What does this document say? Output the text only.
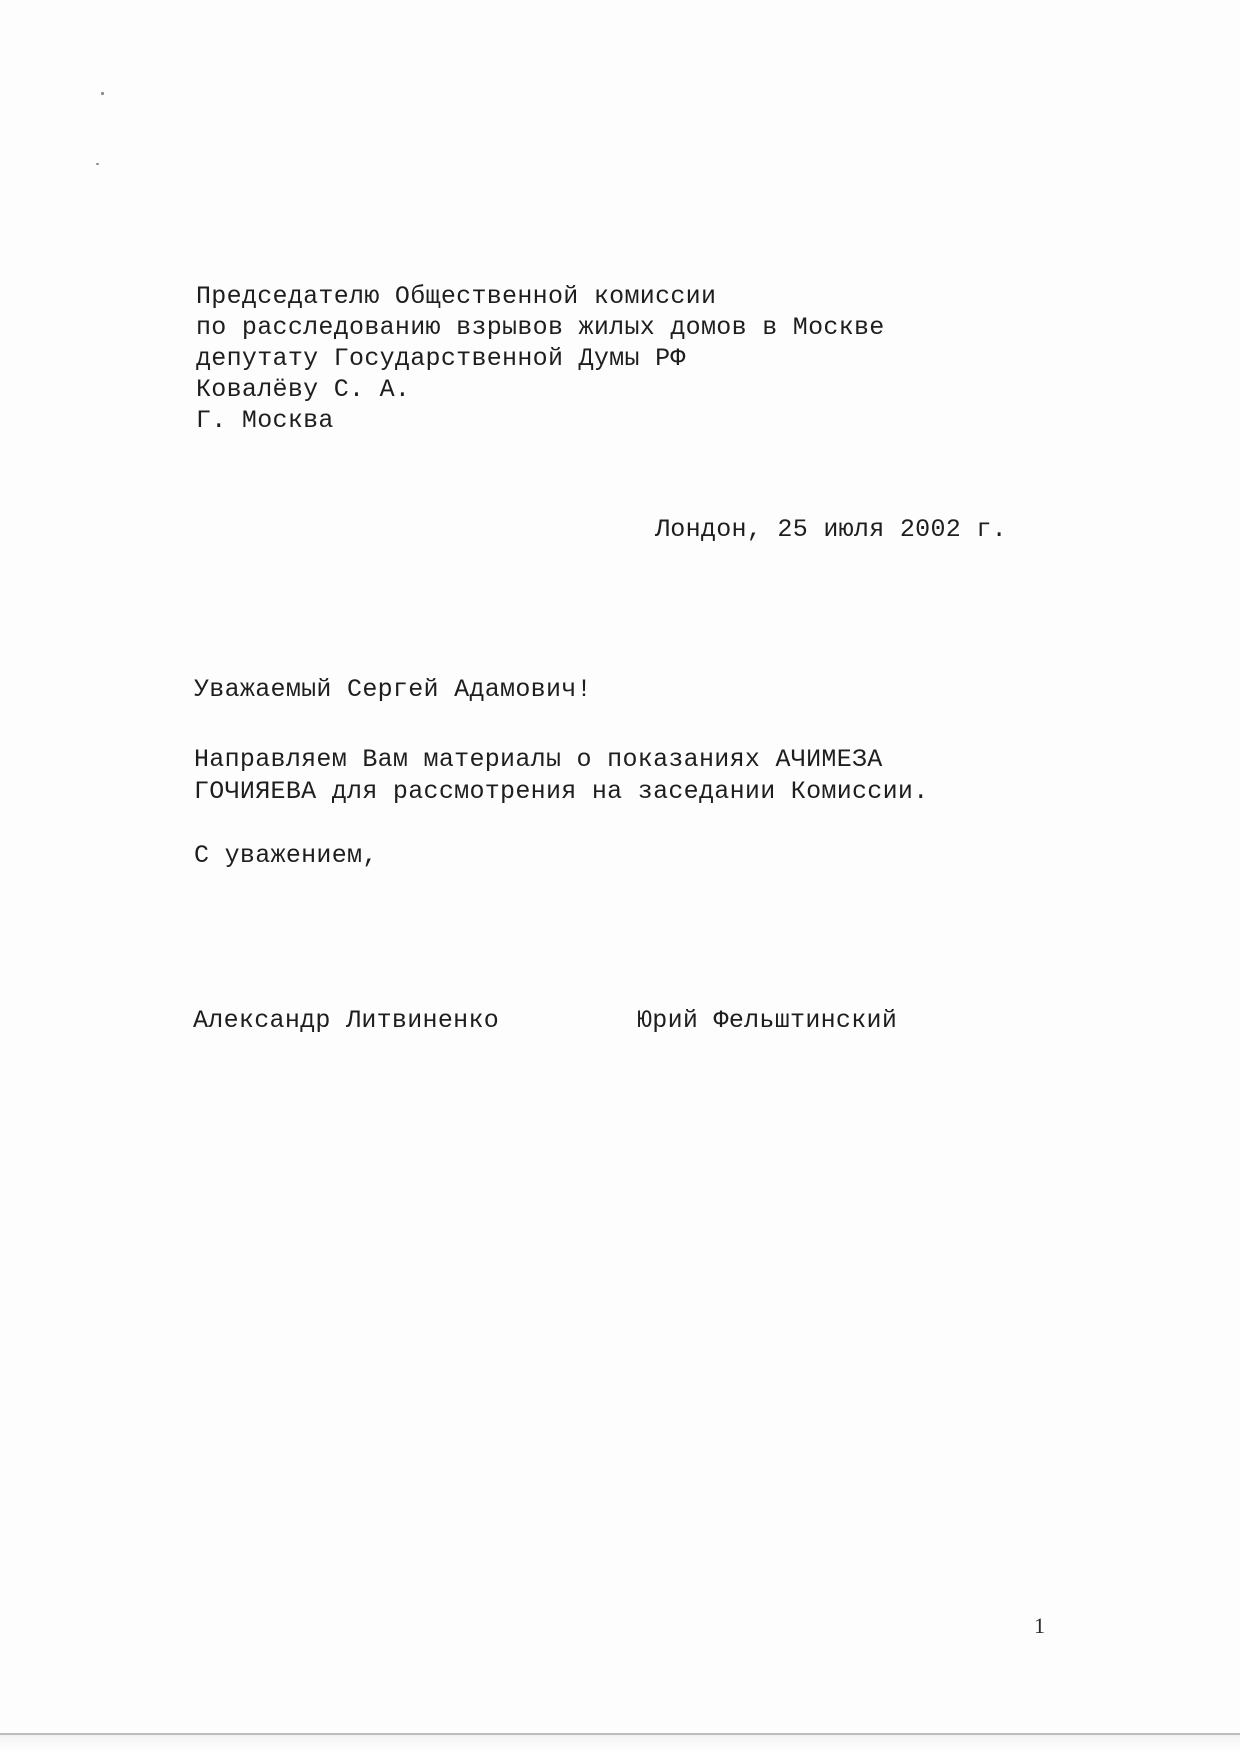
Председателю Общественной комиссии
по расследованию взрывов жилых домов в Москве
депутату Государственной Думы РФ
Ковалёву С. А.
Г. Москва
Лондон, 25 июля 2002 г.
Уважаемый Сергей Адамович!
Направляем Вам материалы о показаниях АЧИМЕЗА
ГОЧИЯЕВА для рассмотрения на заседании Комиссии.
С уважением,
Александр Литвиненко	Юрий Фельштинский
1
